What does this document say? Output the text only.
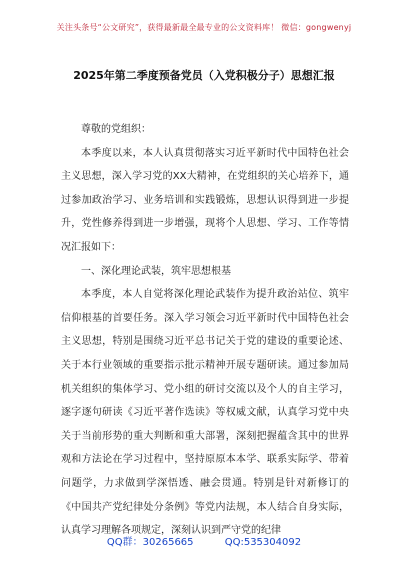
关注头条号“公文研究”，获得最新最全最专业的公文资料库！ 微信：gongwenyj
2025年第二季度预备党员（入党积极分子）思想汇报

尊敬的党组织：

本季度以来，本人认真贯彻落实习近平新时代中国特色社会主义思想，深入学习党的XX大精神，在党组织的关心培养下，通过参加政治学习、业务培训和实践锻炼，思想认识得到进一步提升，党性修养得到进一步增强，现将个人思想、学习、工作等情况汇报如下：

一、深化理论武装，筑牢思想根基

本季度，本人自觉将深化理论武装作为提升政治站位、筑牢信仰根基的首要任务。深入学习领会习近平新时代中国特色社会主义思想，特别是围绕习近平总书记关于党的建设的重要论述、关于本行业领域的重要指示批示精神开展专题研读。通过参加局机关组织的集体学习、党小组的研讨交流以及个人的自主学习，逐字逐句研读《习近平著作选读》等权威文献，认真学习党中央关于当前形势的重大判断和重大部署，深刻把握蕴含其中的世界观和方法论在学习过程中，坚持原原本本学、联系实际学、带着问题学，力求做到学深悟透、融会贯通。特别是针对新修订的《中国共产党纪律处分条例》等党内法规，本人结合自身实际，认真学习理解各项规定，深刻认识到严守党的纪律

QQ群：30265665	QQ:535304092
